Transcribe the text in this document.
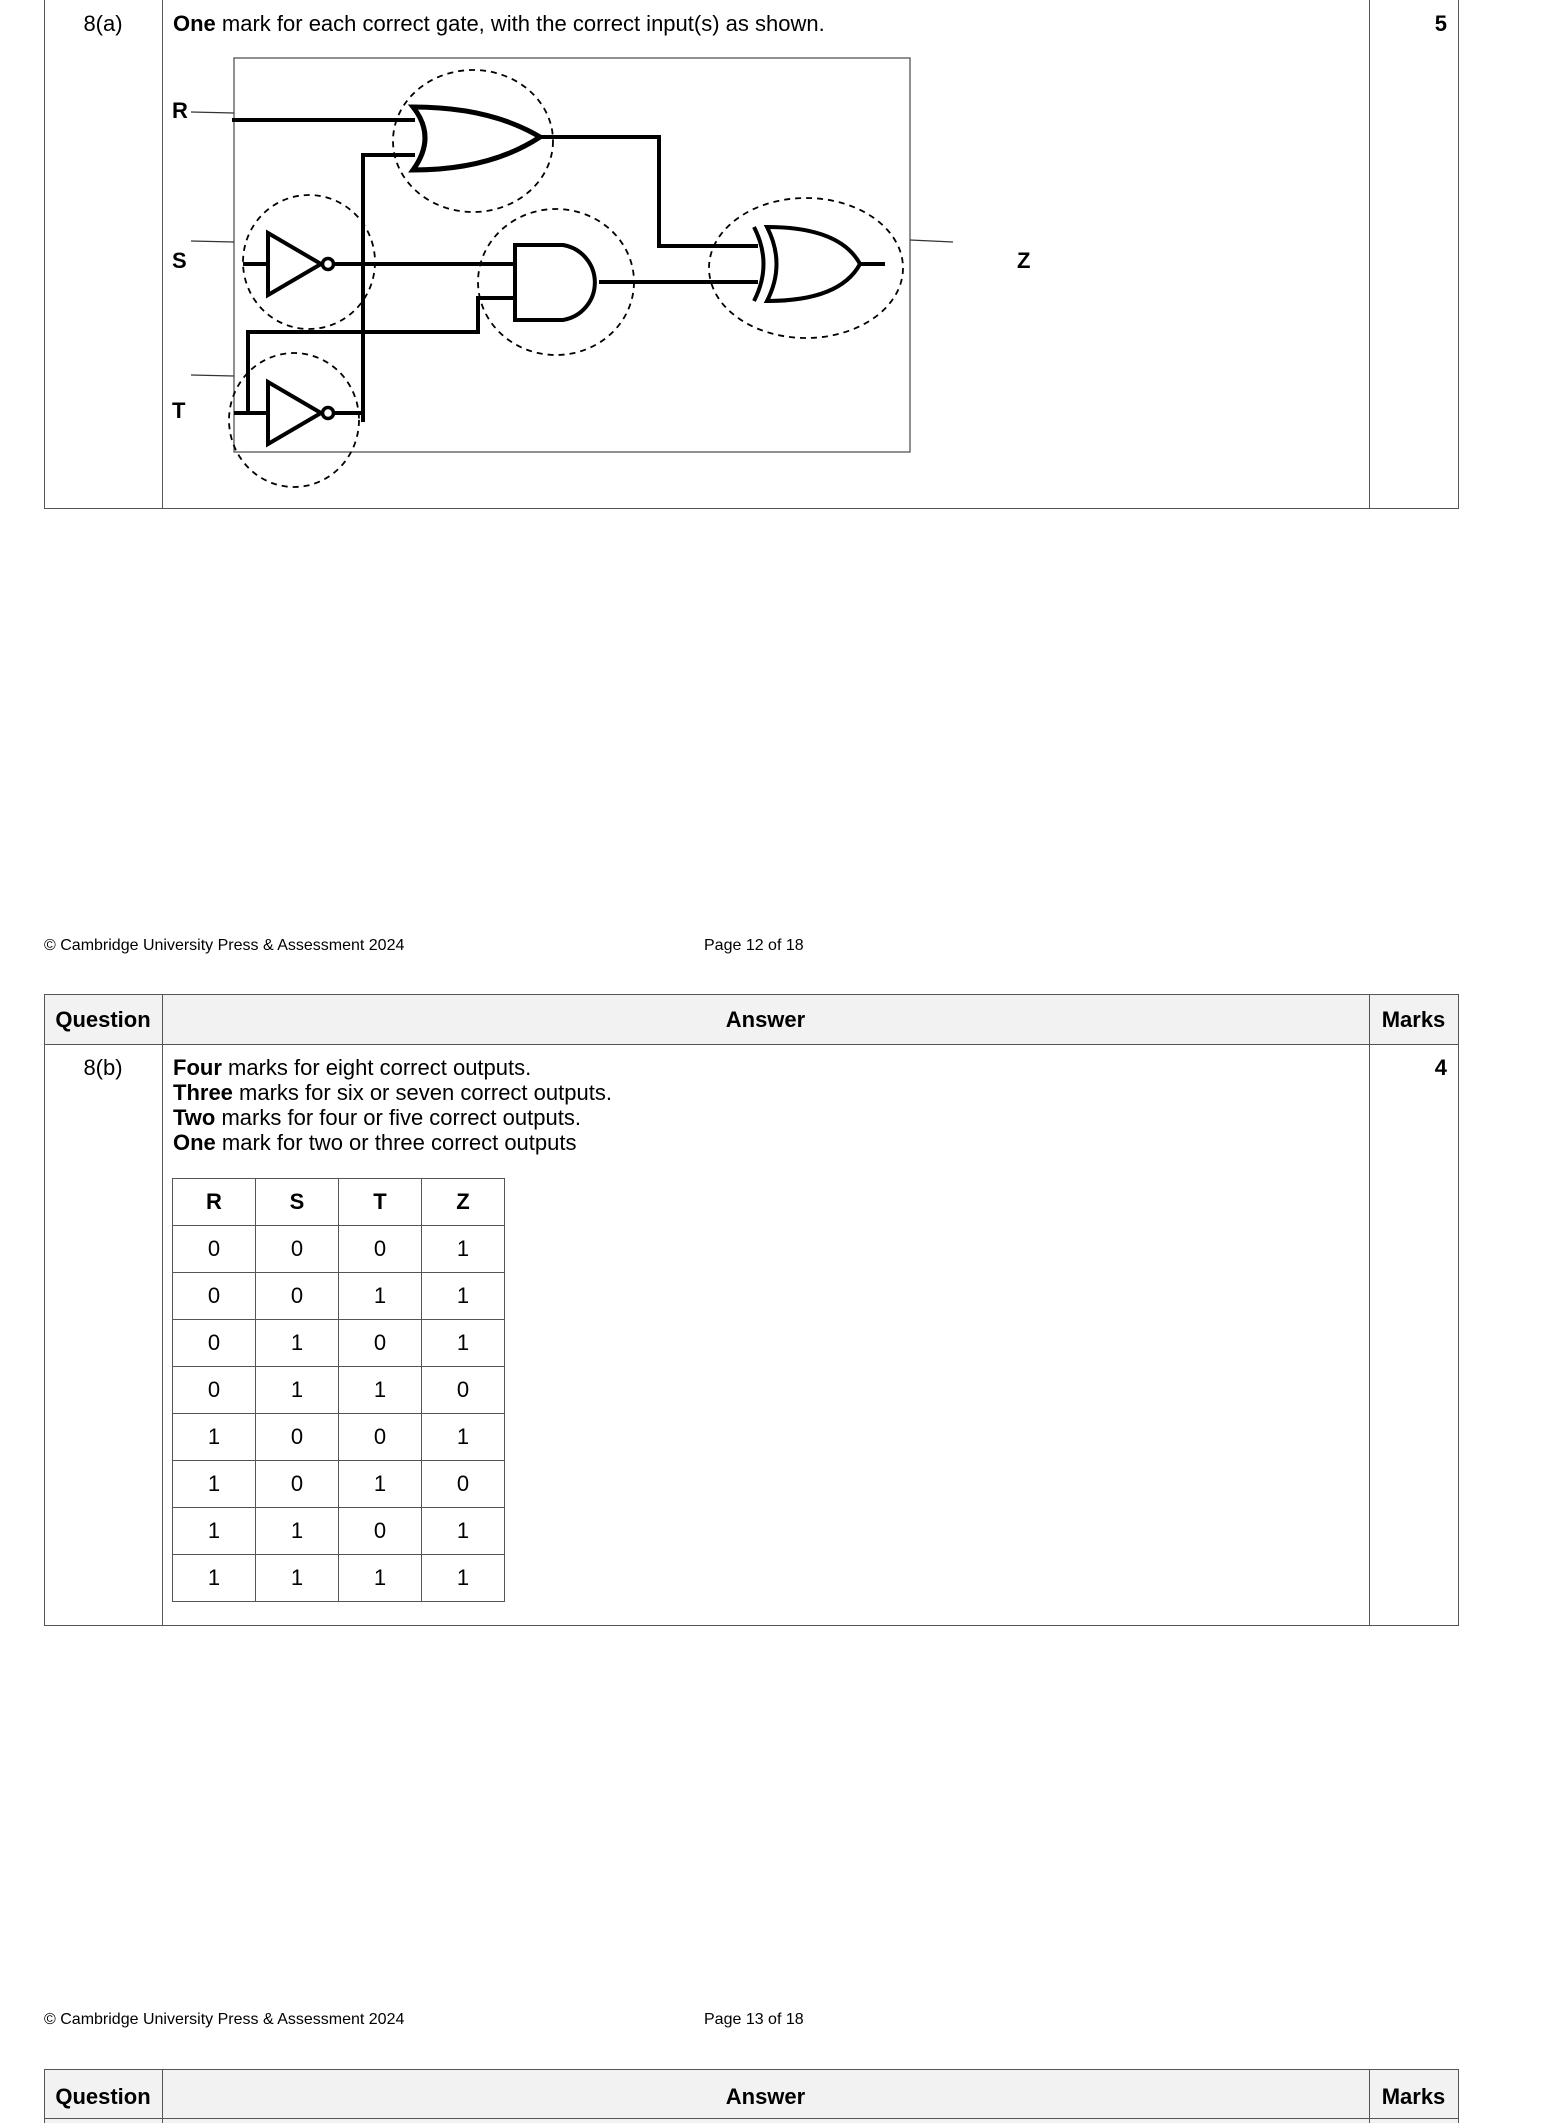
8(a)	One mark for each correct gate, with the correct input(s) as shown.	5
R
S
T
Z
© Cambridge University Press & Assessment 2024	Page 12 of 18
Question	Answer	Marks
8(b)	4
Four marks for eight correct outputs.
Three marks for six or seven correct outputs.
Two marks for four or five correct outputs.
One mark for two or three correct outputs
R	S	T	Z
0	0	0	1
0	0	1	1
0	1	0	1
0	1	1	0
1	0	0	1
1	0	1	0
1	1	0	1
1	1	1	1
© Cambridge University Press & Assessment 2024	Page 13 of 18
Question	Answer	Marks
